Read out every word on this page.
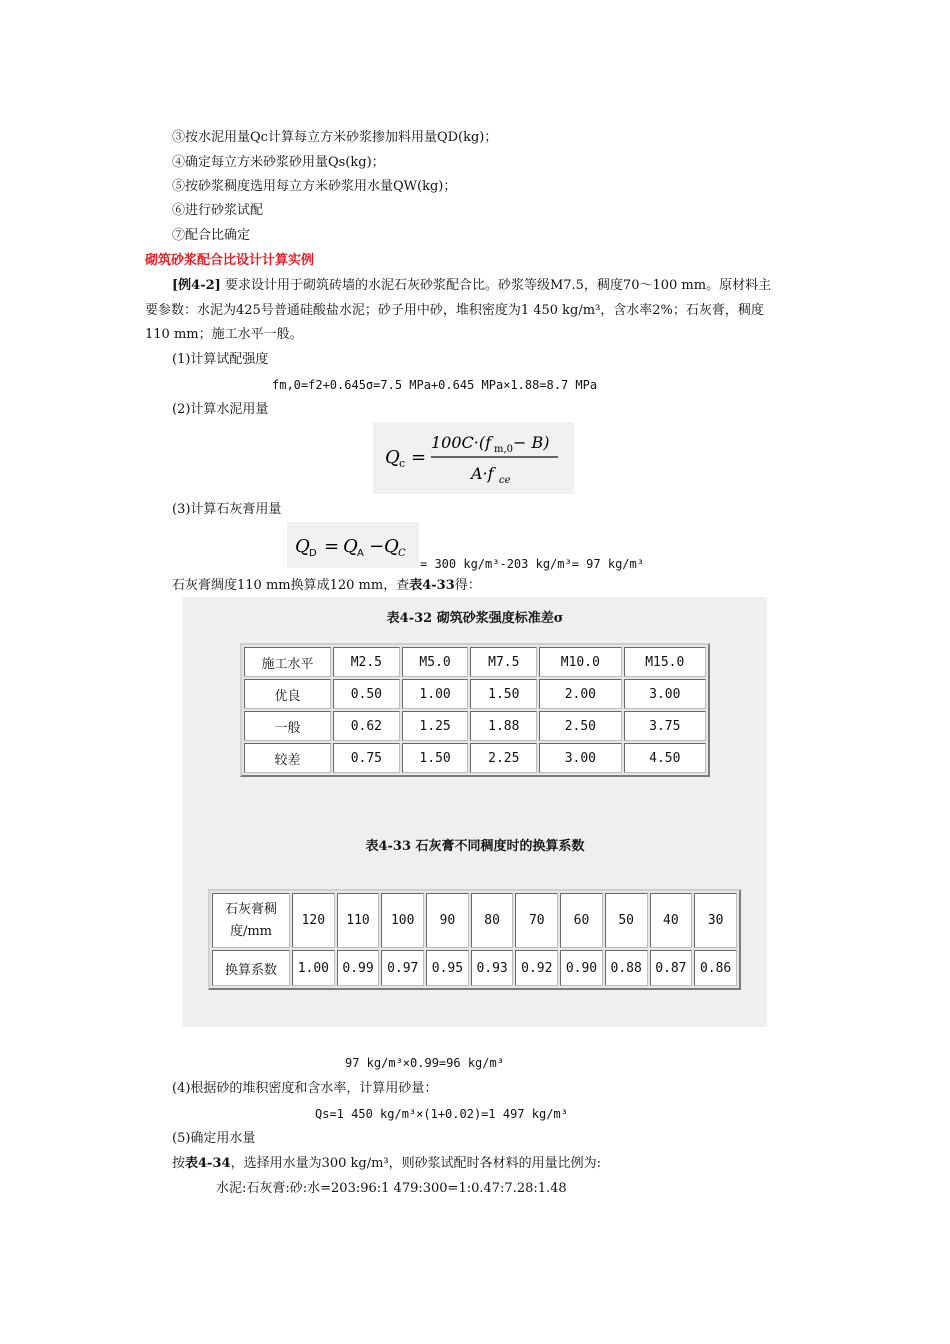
③按水泥用量Qc计算每立方米砂浆掺加料用量QD(kg)；
④确定每立方米砂浆砂用量Qs(kg)；
⑤按砂浆稠度选用每立方米砂浆用水量QW(kg)；
⑥进行砂浆试配
⑦配合比确定
砌筑砂浆配合比设计计算实例
[例4-2] 要求设计用于砌筑砖墙的水泥石灰砂浆配合比。砂浆等级M7.5，稠度70～100 mm。原材料主
要参数：水泥为425号普通硅酸盐水泥；砂子用中砂，堆积密度为1 450 kg/m³，含水率2%；石灰膏，稠度
110 mm；施工水平一般。
(1)计算试配强度
fm,0=f2+0.645σ=7.5 MPa+0.645 MPa×1.88=8.7 MPa
(2)计算水泥用量
Q c =
100C·(f m,0 − B)
A·f ce
(3)计算石灰膏用量
Q D = Q A − Q C
= 300 kg/m³-203 kg/m³= 97 kg/m³
石灰膏绸度110 mm换算成120 mm，查表4-33得：
表4-32 砌筑砂浆强度标准差σ
施工水平	M2.5	M5.0	M7.5	M10.0	M15.0
优良	0.50	1.00	1.50	2.00	3.00
一般	0.62	1.25	1.88	2.50	3.75
较差	0.75	1.50	2.25	3.00	4.50
表4-33 石灰膏不同稠度时的换算系数
石灰膏稠度/mm	120	110	100	90	80	70	60	50	40	30
换算系数	1.00	0.99	0.97	0.95	0.93	0.92	0.90	0.88	0.87	0.86
97 kg/m³×0.99=96 kg/m³
(4)根据砂的堆积密度和含水率，计算用砂量：
Qs=1 450 kg/m³×(1+0.02)=1 497 kg/m³
(5)确定用水量
按表4-34，选择用水量为300 kg/m³，则砂浆试配时各材料的用量比例为:
水泥:石灰膏:砂:水=203:96:1 479:300=1:0.47:7.28:1.48
